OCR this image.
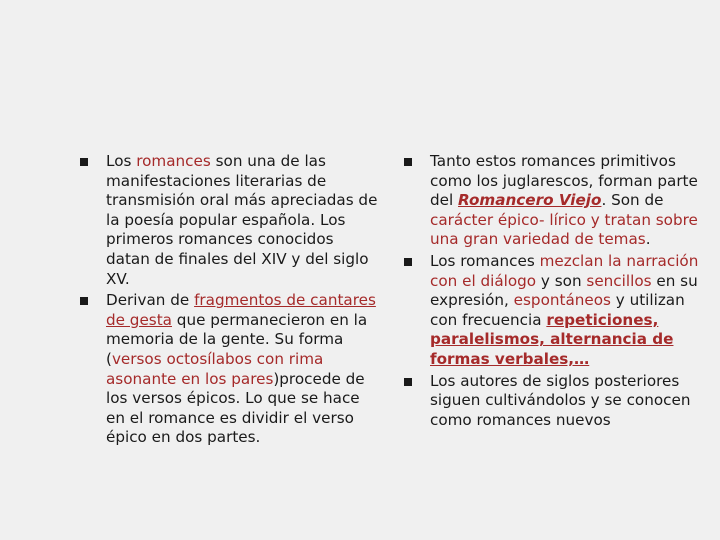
Los romances son una de las manifestaciones literarias de transmisión oral más apreciadas de la poesía popular española. Los primeros romances conocidos datan de finales del XIV y del siglo XV.
Derivan de fragmentos de cantares de gesta que permanecieron en la memoria de la gente. Su forma (versos octosílabos con rima asonante en los pares)procede de los versos épicos. Lo que se hace en el romance es dividir el verso épico en dos partes.
Tanto estos romances primitivos como los juglarescos, forman parte del Romancero Viejo. Son de carácter épico- lírico y tratan sobre una gran variedad de temas.
Los romances mezclan la narración con el diálogo y son sencillos en su expresión, espontáneos y utilizan con frecuencia repeticiones, paralelismos, alternancia de formas verbales,…
Los autores de siglos posteriores siguen cultivándolos y se conocen como romances nuevos
